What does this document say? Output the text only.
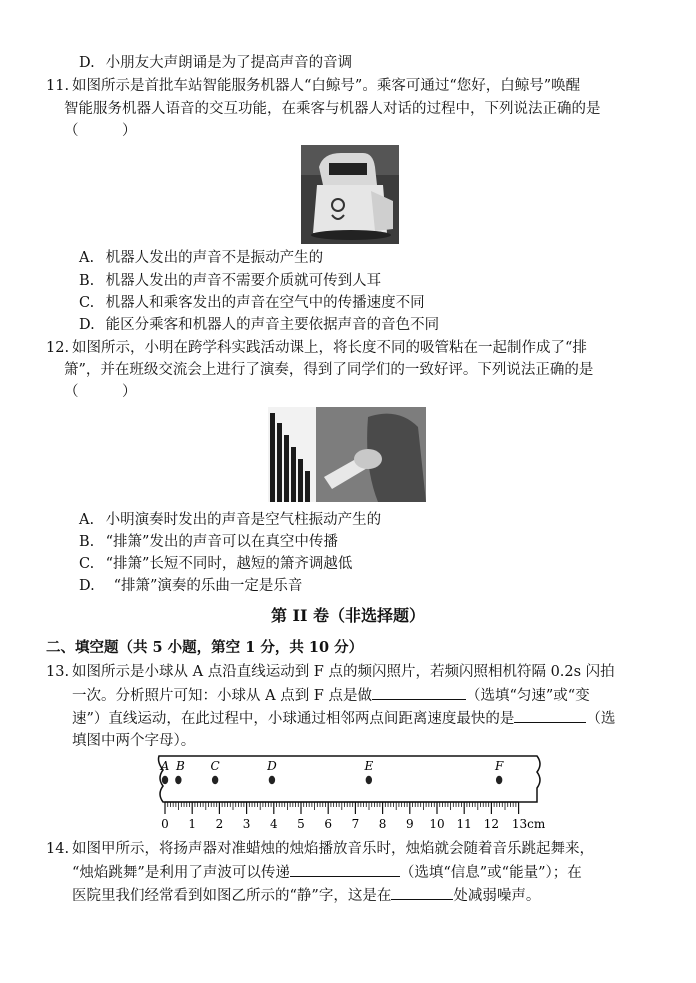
D. 小朋友大声朗诵是为了提高声音的音调
11. 如图所示是首批车站智能服务机器人“白鲸号”。乘客可通过“您好，白鲸号”唤醒
智能服务机器人语音的交互功能，在乘客与机器人对话的过程中，下列说法正确的是
（　　　）
A. 机器人发出的声音不是振动产生的
B. 机器人发出的声音不需要介质就可传到人耳
C. 机器人和乘客发出的声音在空气中的传播速度不同
D. 能区分乘客和机器人的声音主要依据声音的音色不同
12. 如图所示，小明在跨学科实践活动课上，将长度不同的吸管粘在一起制作成了“排
箫”，并在班级交流会上进行了演奏，得到了同学们的一致好评。下列说法正确的是
（　　　）
A. 小明演奏时发出的声音是空气柱振动产生的
B. “排箫”发出的声音可以在真空中传播
C. “排箫”长短不同时，越短的箫齐调越低
D. “排箫”演奏的乐曲一定是乐音
第 II 卷（非选择题）
二、填空题（共 5 小题，第空 1 分，共 10 分）
13. 如图所示是小球从 A 点沿直线运动到 F 点的频闪照片，若频闪照相机符隔 0.2s 闪拍
一次。分析照片可知：小球从 A 点到 F 点是做	（选填“匀速”或“变
速”）直线运动，在此过程中，小球通过相邻两点间距离速度最快的是	（选
填图中两个字母）。
A B C	D	E	F
0 1 2 3 4 5 6 7 8 9 10 11 12 13cm
14. 如图甲所示，将扬声器对准蜡烛的烛焰播放音乐时，烛焰就会随着音乐跳起舞来，
“烛焰跳舞”是利用了声波可以传递	（选填“信息”或“能量”）；在
医院里我们经常看到如图乙所示的“静”字，这是在	处减弱噪声。
